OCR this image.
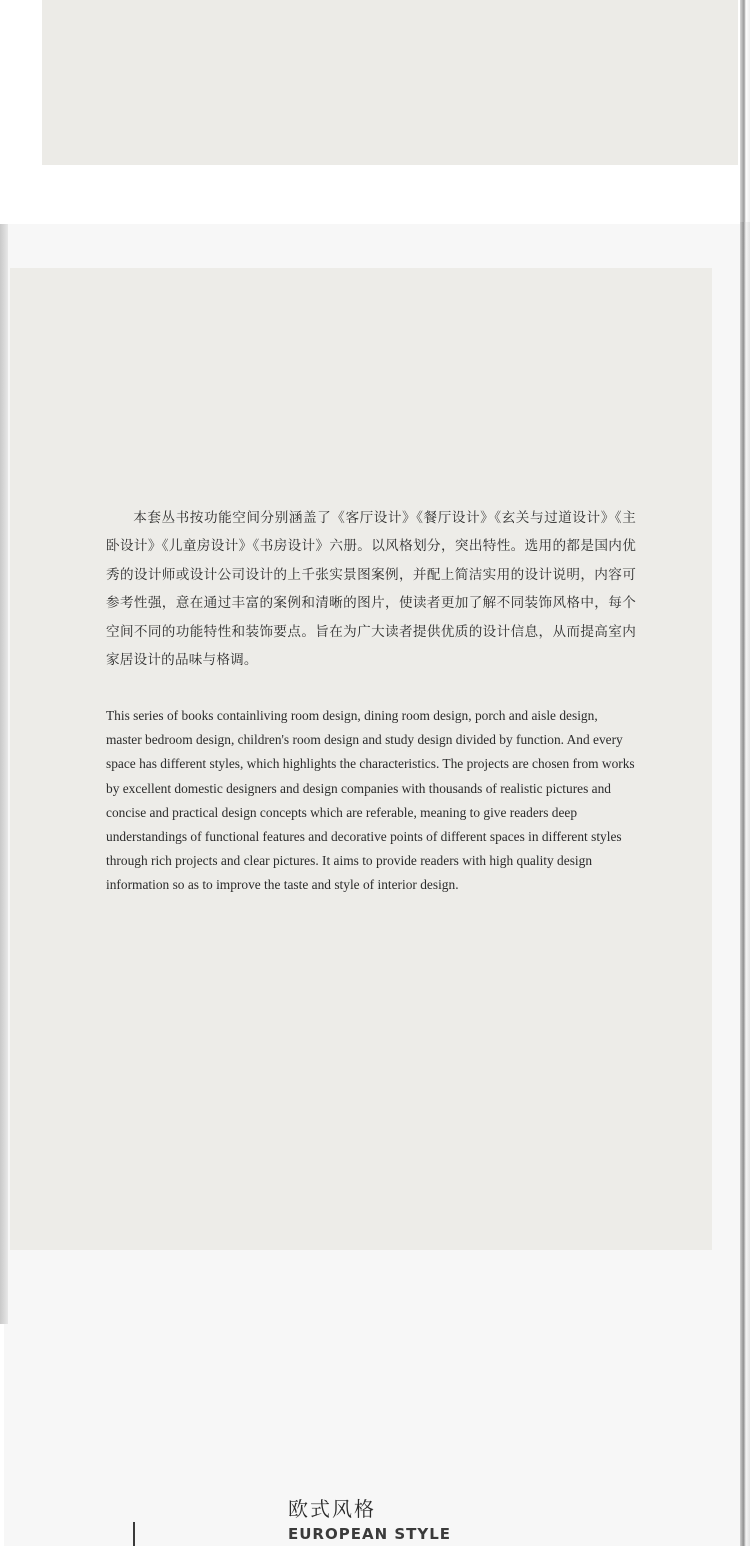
本套丛书按功能空间分别涵盖了《客厅设计》《餐厅设计》《玄关与过道设计》《主卧设计》《儿童房设计》《书房设计》六册。以风格划分，突出特性。选用的都是国内优秀的设计师或设计公司设计的上千张实景图案例，并配上简洁实用的设计说明，内容可参考性强，意在通过丰富的案例和清晰的图片，使读者更加了解不同装饰风格中，每个空间不同的功能特性和装饰要点。旨在为广大读者提供优质的设计信息，从而提高室内家居设计的品味与格调。

This series of books containliving room design, dining room design, porch and aisle design, master bedroom design, children's room design and study design divided by function. And every space has different styles, which highlights the characteristics. The projects are chosen from works by excellent domestic designers and design companies with thousands of realistic pictures and concise and practical design concepts which are referable, meaning to give readers deep understandings of functional features and decorative points of different spaces in different styles through rich projects and clear pictures. It aims to provide readers with high quality design information so as to improve the taste and style of interior design.

欧式风格
EUROPEAN STYLE
